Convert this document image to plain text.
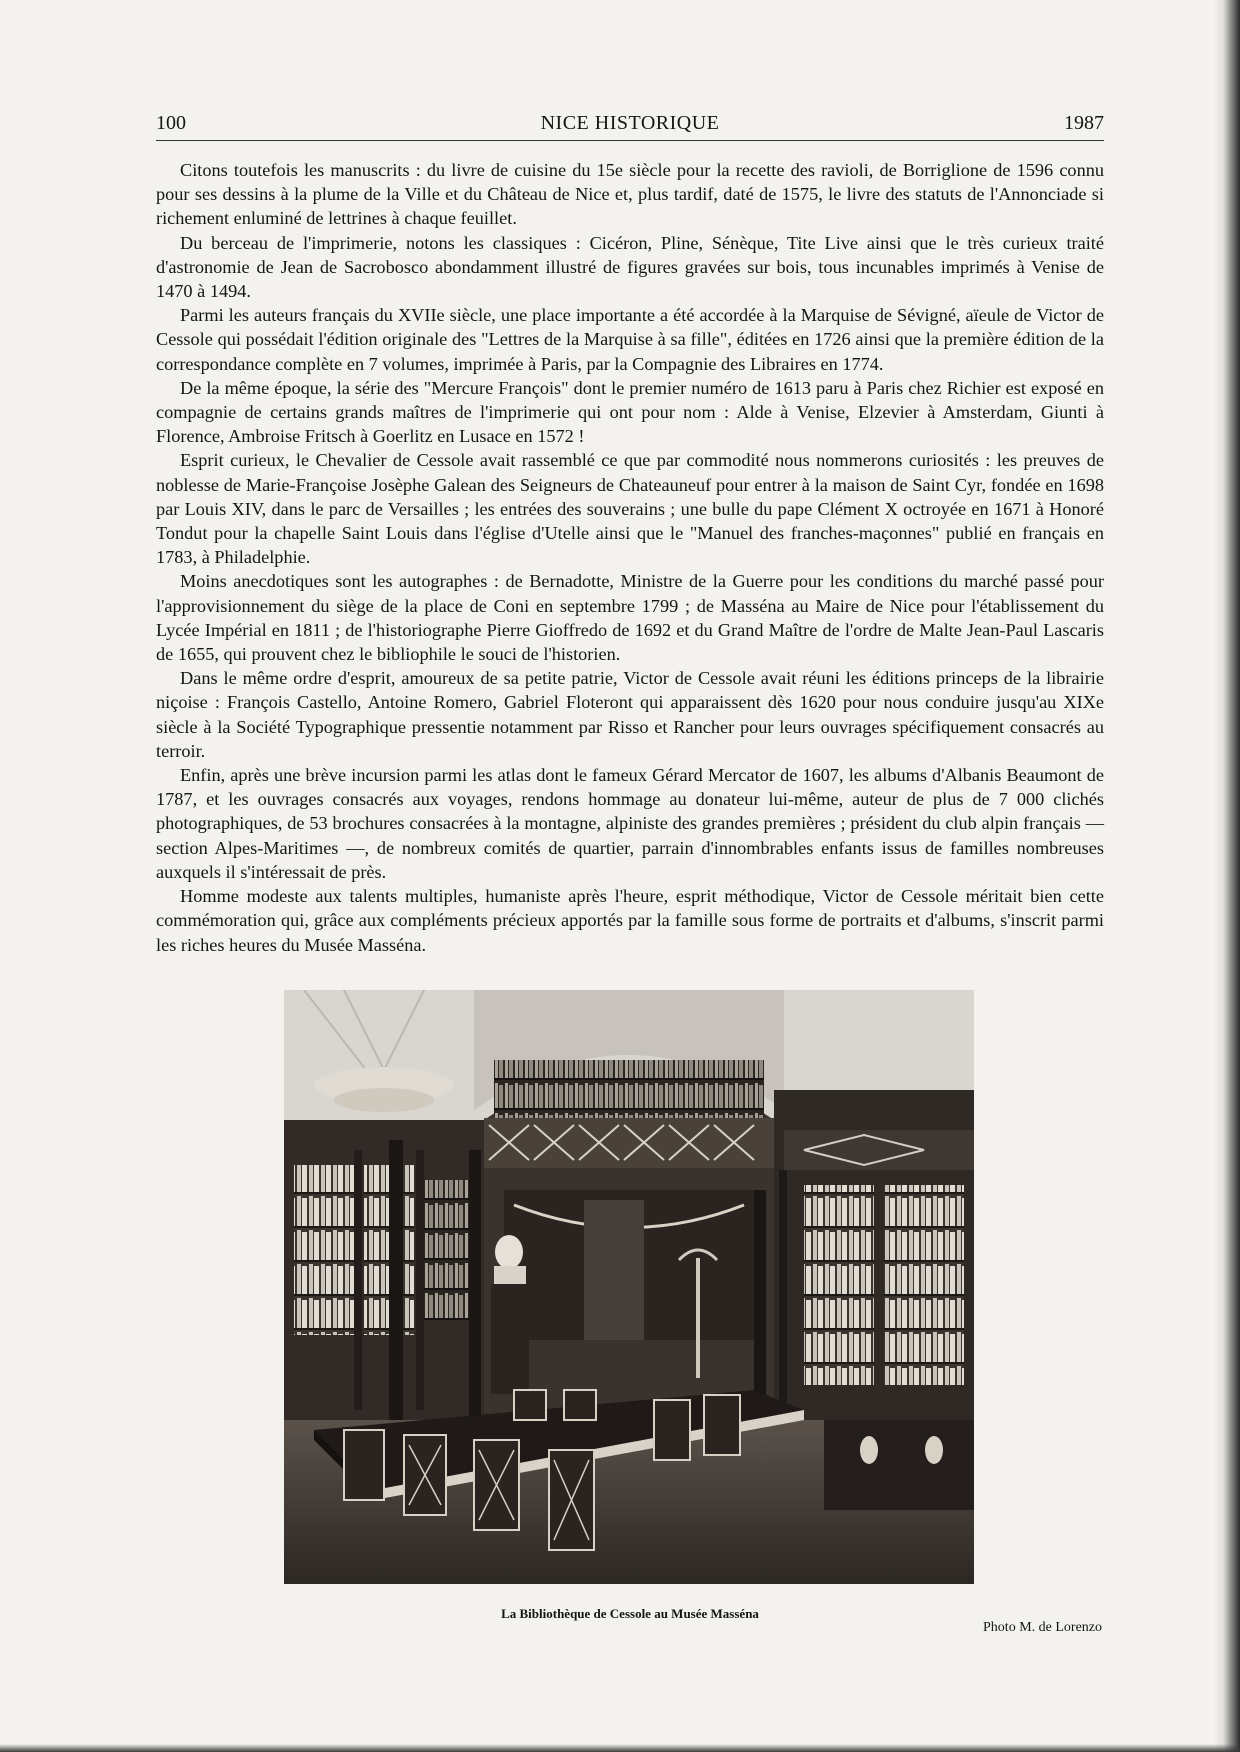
NICE HISTORIQUE
100	1987

Citons toutefois les manuscrits : du livre de cuisine du 15e siècle pour la recette des ravioli, de Borriglione de 1596 connu pour ses dessins à la plume de la Ville et du Château de Nice et, plus tardif, daté de 1575, le livre des statuts de l'Annonciade si richement enluminé de lettrines à chaque feuillet.

Du berceau de l'imprimerie, notons les classiques : Cicéron, Pline, Sénèque, Tite Live ainsi que le très curieux traité d'astronomie de Jean de Sacrobosco abondamment illustré de figures gravées sur bois, tous incunables imprimés à Venise de 1470 à 1494.

Parmi les auteurs français du XVIIe siècle, une place importante a été accordée à la Marquise de Sévigné, aïeule de Victor de Cessole qui possédait l'édition originale des "Lettres de la Marquise à sa fille", éditées en 1726 ainsi que la première édition de la correspondance complète en 7 volumes, imprimée à Paris, par la Compagnie des Libraires en 1774.

De la même époque, la série des "Mercure François" dont le premier numéro de 1613 paru à Paris chez Richier est exposé en compagnie de certains grands maîtres de l'imprimerie qui ont pour nom : Alde à Venise, Elzevier à Amsterdam, Giunti à Florence, Ambroise Fritsch à Goerlitz en Lusace en 1572 !

Esprit curieux, le Chevalier de Cessole avait rassemblé ce que par commodité nous nommerons curiosités : les preuves de noblesse de Marie-Françoise Josèphe Galean des Seigneurs de Chateauneuf pour entrer à la maison de Saint Cyr, fondée en 1698 par Louis XIV, dans le parc de Versailles ; les entrées des souverains ; une bulle du pape Clément X octroyée en 1671 à Honoré Tondut pour la chapelle Saint Louis dans l'église d'Utelle ainsi que le "Manuel des franches-maçonnes" publié en français en 1783, à Philadelphie.

Moins anecdotiques sont les autographes : de Bernadotte, Ministre de la Guerre pour les conditions du marché passé pour l'approvisionnement du siège de la place de Coni en septembre 1799 ; de Masséna au Maire de Nice pour l'établissement du Lycée Impérial en 1811 ; de l'historiographe Pierre Gioffredo de 1692 et du Grand Maître de l'ordre de Malte Jean-Paul Lascaris de 1655, qui prouvent chez le bibliophile le souci de l'historien.

Dans le même ordre d'esprit, amoureux de sa petite patrie, Victor de Cessole avait réuni les éditions princeps de la librairie niçoise : François Castello, Antoine Romero, Gabriel Floteront qui apparaissent dès 1620 pour nous conduire jusqu'au XIXe siècle à la Société Typographique pressentie notamment par Risso et Rancher pour leurs ouvrages spécifiquement consacrés au terroir.

Enfin, après une brève incursion parmi les atlas dont le fameux Gérard Mercator de 1607, les albums d'Albanis Beaumont de 1787, et les ouvrages consacrés aux voyages, rendons hommage au donateur lui-même, auteur de plus de 7 000 clichés photographiques, de 53 brochures consacrées à la montagne, alpiniste des grandes premières ; président du club alpin français — section Alpes-Maritimes —, de nombreux comités de quartier, parrain d'innombrables enfants issus de familles nombreuses auxquels il s'intéressait de près.

Homme modeste aux talents multiples, humaniste après l'heure, esprit méthodique, Victor de Cessole méritait bien cette commémoration qui, grâce aux compléments précieux apportés par la famille sous forme de portraits et d'albums, s'inscrit parmi les riches heures du Musée Masséna.

La Bibliothèque de Cessole au Musée Masséna
Photo M. de Lorenzo
